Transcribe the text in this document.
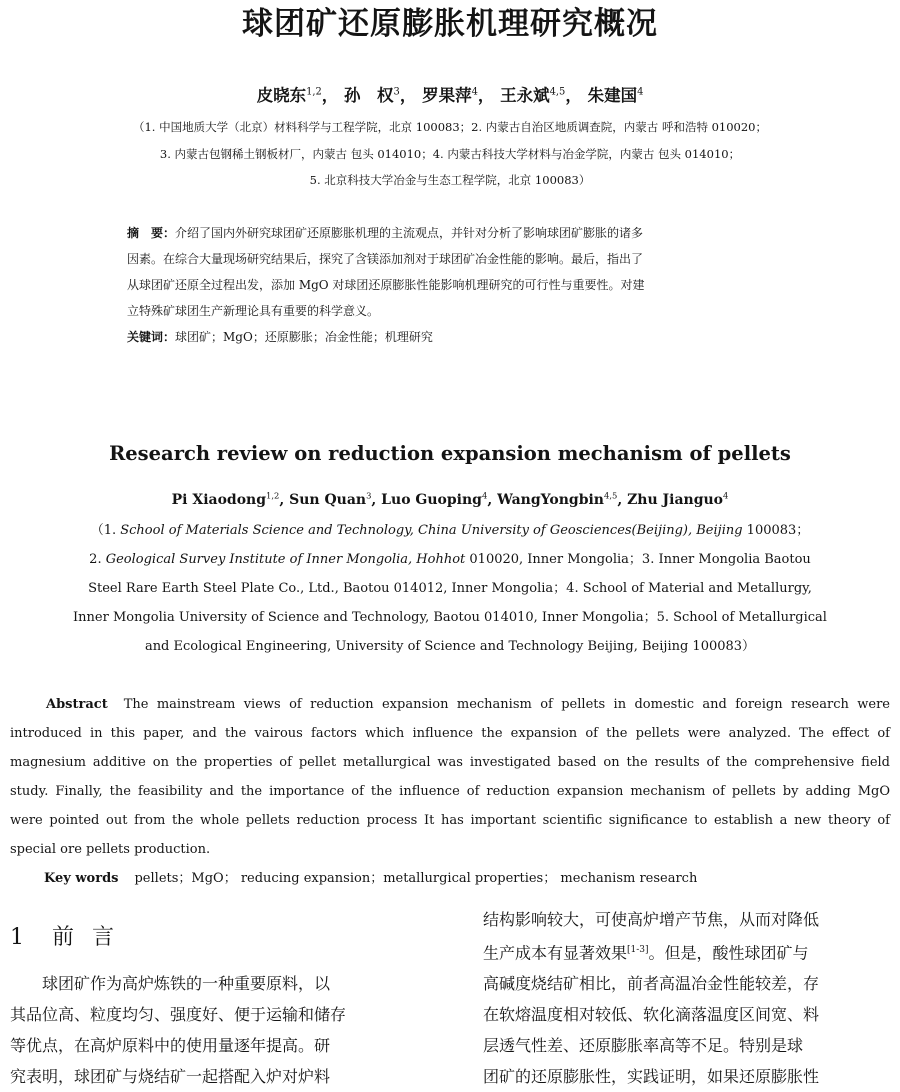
球团矿还原膨胀机理研究概况
皮晓东$^{1,2}$， 孙　权$^3$， 罗果萍$^4$， 王永斌$^{4,5}$， 朱建国$^4$
（1. 中国地质大学（北京）材料科学与工程学院，北京 100083；2. 内蒙古自治区地质调查院，内蒙古 呼和浩特 010020；
3. 内蒙古包钢稀土钢板材厂，内蒙古 包头 014010；4. 内蒙古科技大学材料与冶金学院，内蒙古 包头 014010；
5. 北京科技大学冶金与生态工程学院，北京 100083）
摘　要：介绍了国内外研究球团矿还原膨胀机理的主流观点，并针对分析了影响球团矿膨胀的诸多
因素。在综合大量现场研究结果后，探究了含镁添加剂对于球团矿冶金性能的影响。最后，指出了
从球团矿还原全过程出发，添加 MgO 对球团还原膨胀性能影响机理研究的可行性与重要性。对建
立特殊矿球团生产新理论具有重要的科学意义。
关键词：球团矿；MgO；还原膨胀；冶金性能；机理研究
Research review on reduction expansion mechanism of pellets
Pi Xiaodong$^{1,2}$, Sun Quan$^3$, Luo Guoping$^4$, WangYongbin$^{4,5}$, Zhu Jianguo$^4$
（1. School of Materials Science and Technology, China University of Geosciences(Beijing), Beijing 100083；
2. Geological Survey Institute of Inner Mongolia, Hohhot 010020, Inner Mongolia；3. Inner Mongolia Baotou
Steel Rare Earth Steel Plate Co., Ltd., Baotou 014012, Inner Mongolia；4. School of Material and Metallurgy,
Inner Mongolia University of Science and Technology, Baotou 014010, Inner Mongolia；5. School of Metallurgical
and Ecological Engineering, University of Science and Technology Beijing, Beijing 100083）
Abstract The mainstream views of reduction expansion mechanism of pellets in domestic and foreign research were
introduced in this paper, and the vairous factors which influence the expansion of the pellets were analyzed. The effect of
magnesium additive on the properties of pellet metallurgical was investigated based on the results of the comprehensive field
study. Finally, the feasibility and the importance of the influence of reduction expansion mechanism of pellets by adding MgO
were pointed out from the whole pellets reduction process It has important scientific significance to establish a new theory of
special ore pellets production.
Key words pellets；MgO； reducing expansion；metallurgical properties； mechanism research
1 前言
　　球团矿作为高炉炼铁的一种重要原料，以
其品位高、粒度均匀、强度好、便于运输和储存
等优点，在高炉原料中的使用量逐年提高。研
究表明，球团矿与烧结矿一起搭配入炉对炉料
结构影响较大，可使高炉增产节焦，从而对降低
生产成本有显著效果[1-3]。但是，酸性球团矿与
高碱度烧结矿相比，前者高温冶金性能较差，存
在软熔温度相对较低、软化滴落温度区间宽、料
层透气性差、还原膨胀率高等不足。特别是球
团矿的还原膨胀性，实践证明，如果还原膨胀性
